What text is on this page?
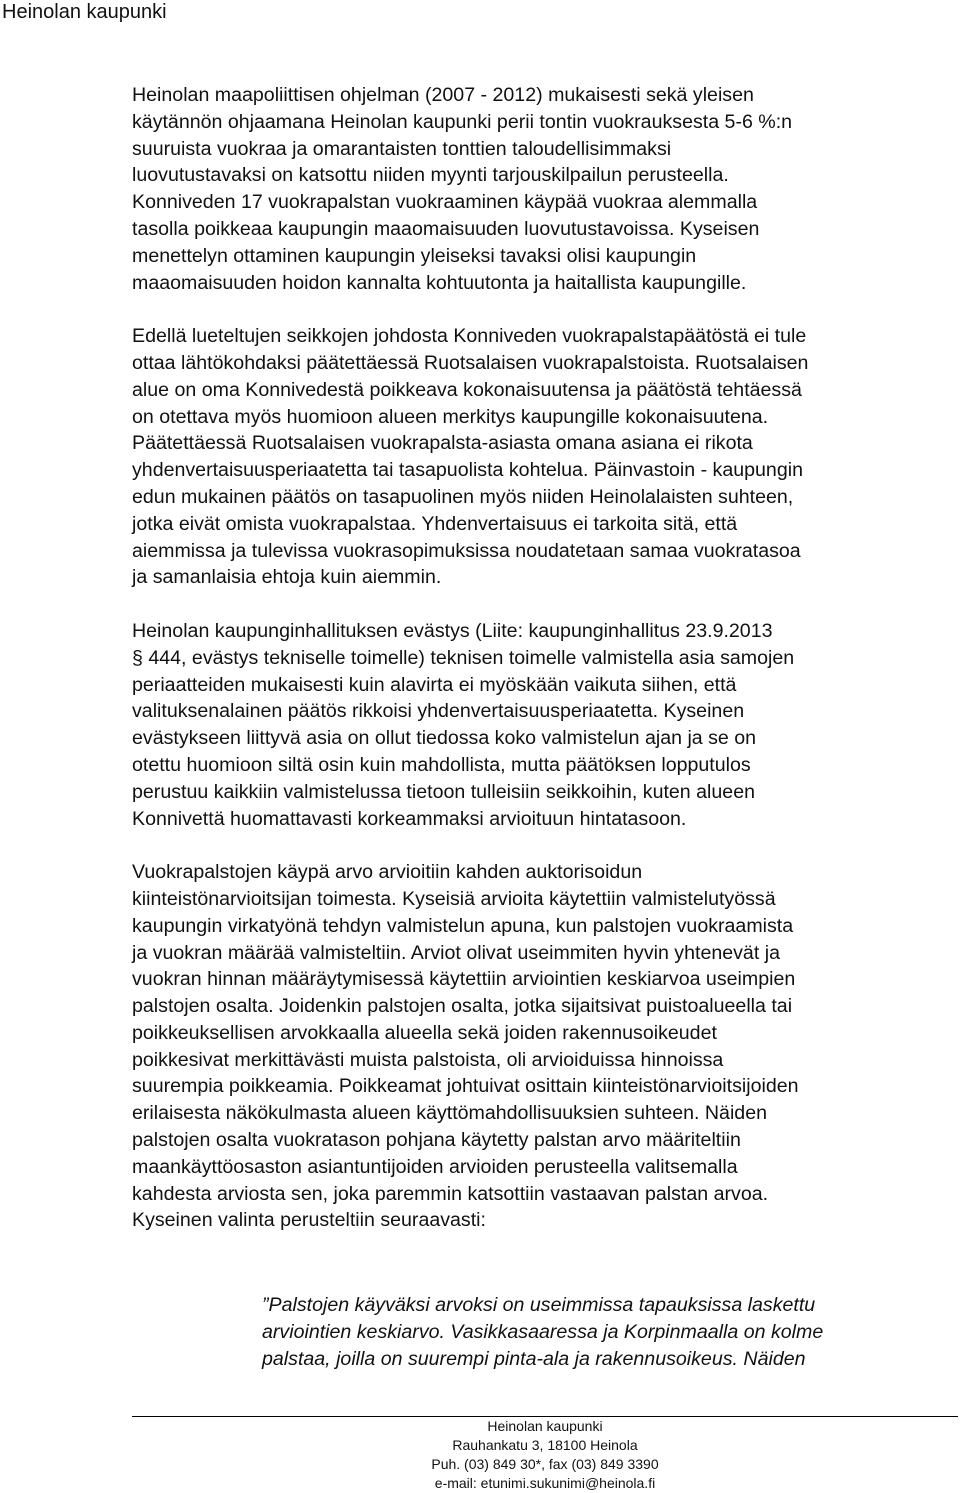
Heinolan kaupunki

Heinolan maapoliittisen ohjelman (2007 - 2012) mukaisesti sekä yleisen
käytännön ohjaamana Heinolan kaupunki perii tontin vuokrauksesta 5-6 %:n
suuruista vuokraa ja omarantaisten tonttien taloudellisimmaksi
luovutustavaksi on katsottu niiden myynti tarjouskilpailun perusteella.
Konniveden 17 vuokrapalstan vuokraaminen käypää vuokraa alemmalla
tasolla poikkeaa kaupungin maaomaisuuden luovutustavoissa. Kyseisen
menettelyn ottaminen kaupungin yleiseksi tavaksi olisi kaupungin
maaomaisuuden hoidon kannalta kohtuutonta ja haitallista kaupungille.

Edellä lueteltujen seikkojen johdosta Konniveden vuokrapalstapäätöstä ei tule
ottaa lähtökohdaksi päätettäessä Ruotsalaisen vuokrapalstoista. Ruotsalaisen
alue on oma Konnivedestä poikkeava kokonaisuutensa ja päätöstä tehtäessä
on otettava myös huomioon alueen merkitys kaupungille kokonaisuutena.
Päätettäessä Ruotsalaisen vuokrapalsta-asiasta omana asiana ei rikota
yhdenvertaisuusperiaatetta tai tasapuolista kohtelua. Päinvastoin - kaupungin
edun mukainen päätös on tasapuolinen myös niiden Heinolalaisten suhteen,
jotka eivät omista vuokrapalstaa. Yhdenvertaisuus ei tarkoita sitä, että
aiemmissa ja tulevissa vuokrasopimuksissa noudatetaan samaa vuokratasoa
ja samanlaisia ehtoja kuin aiemmin.

Heinolan kaupunginhallituksen evästys (Liite: kaupunginhallitus 23.9.2013
§ 444, evästys tekniselle toimelle) teknisen toimelle valmistella asia samojen
periaatteiden mukaisesti kuin alavirta ei myöskään vaikuta siihen, että
valituksenalainen päätös rikkoisi yhdenvertaisuusperiaatetta. Kyseinen
evästykseen liittyvä asia on ollut tiedossa koko valmistelun ajan ja se on
otettu huomioon siltä osin kuin mahdollista, mutta päätöksen lopputulos
perustuu kaikkiin valmistelussa tietoon tulleisiin seikkoihin, kuten alueen
Konnivettä huomattavasti korkeammaksi arvioituun hintatasoon.

Vuokrapalstojen käypä arvo arvioitiin kahden auktorisoidun
kiinteistönarvioitsijan toimesta. Kyseisiä arvioita käytettiin valmistelutyössä
kaupungin virkatyönä tehdyn valmistelun apuna, kun palstojen vuokraamista
ja vuokran määrää valmisteltiin. Arviot olivat useimmiten hyvin yhtenevät ja
vuokran hinnan määräytymisessä käytettiin arviointien keskiarvoa useimpien
palstojen osalta. Joidenkin palstojen osalta, jotka sijaitsivat puistoalueella tai
poikkeuksellisen arvokkaalla alueella sekä joiden rakennusoikeudet
poikkesivat merkittävästi muista palstoista, oli arvioiduissa hinnoissa
suurempia poikkeamia. Poikkeamat johtuivat osittain kiinteistönarvioitsijoiden
erilaisesta näkökulmasta alueen käyttömahdollisuuksien suhteen. Näiden
palstojen osalta vuokratason pohjana käytetty palstan arvo määriteltiin
maankäyttöosaston asiantuntijoiden arvioiden perusteella valitsemalla
kahdesta arviosta sen, joka paremmin katsottiin vastaavan palstan arvoa.
Kyseinen valinta perusteltiin seuraavasti:

”Palstojen käyväksi arvoksi on useimmissa tapauksissa laskettu
arviointien keskiarvo. Vasikkasaaressa ja Korpinmaalla on kolme
palstaa, joilla on suurempi pinta-ala ja rakennusoikeus. Näiden
Heinolan kaupunki
Rauhankatu 3, 18100 Heinola
Puh. (03) 849 30*, fax (03) 849 3390
e-mail: etunimi.sukunimi@heinola.fi
